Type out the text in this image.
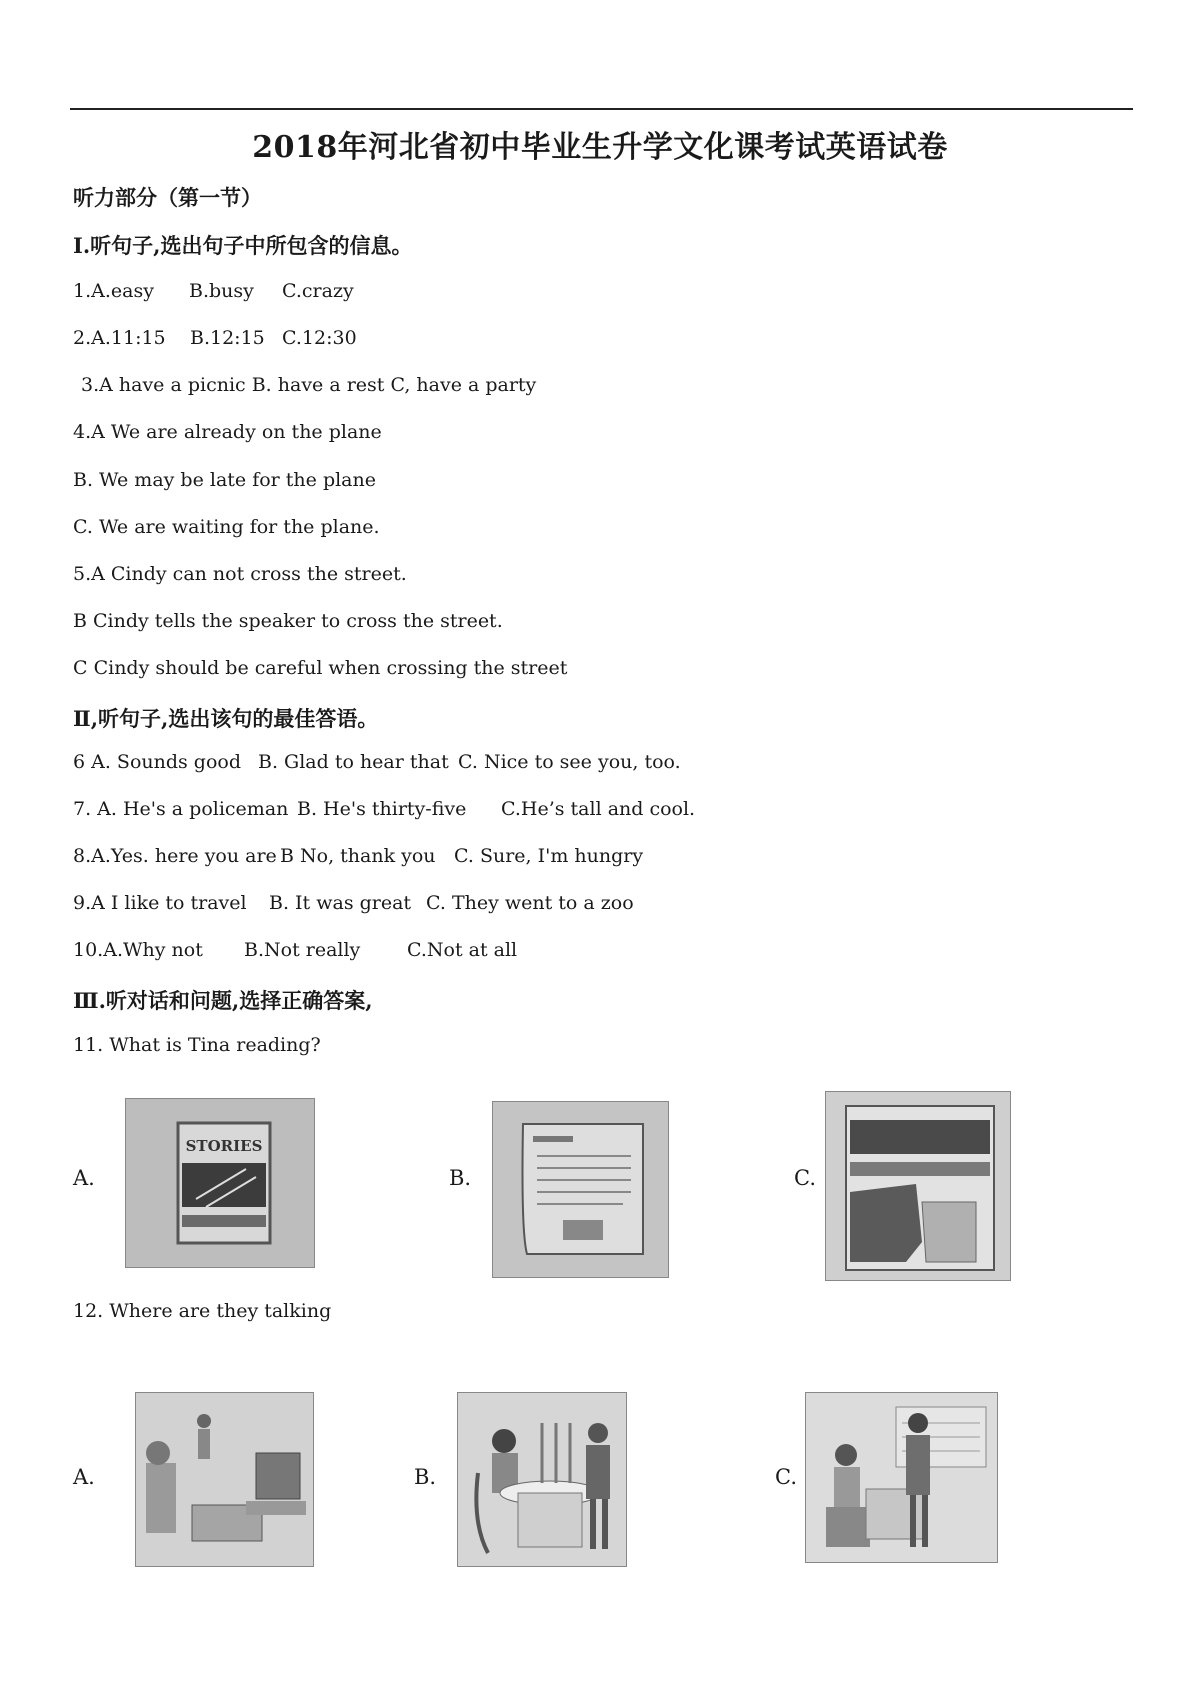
2018年河北省初中毕业生升学文化课考试英语试卷
听力部分（第一节）
I.听句子,选出句子中所包含的信息。
1.A.easy B.busy C.crazy
2.A.11:15 B.12:15 C.12:30
3.A have a picnic B. have a rest C, have a party
4.A We are already on the plane
B. We may be late for the plane
C. We are waiting for the plane.
5.A Cindy can not cross the street.
B Cindy tells the speaker to cross the street.
C Cindy should be careful when crossing the street
Ⅱ,听句子,选出该句的最佳答语。
6 A. Sounds good B. Glad to hear that C. Nice to see you, too.
7. A. He's a policeman B. He's thirty-five C.He’s tall and cool.
8.A.Yes. here you are B No, thank you C. Sure, I'm hungry
9.A I like to travel B. It was great C. They went to a zoo
10.A.Why not B.Not really C.Not at all
Ⅲ.听对话和问题,选择正确答案,
11. What is Tina reading?
A.
STORIES
B.	C.
12. Where are they talking
A.	B.	C.
